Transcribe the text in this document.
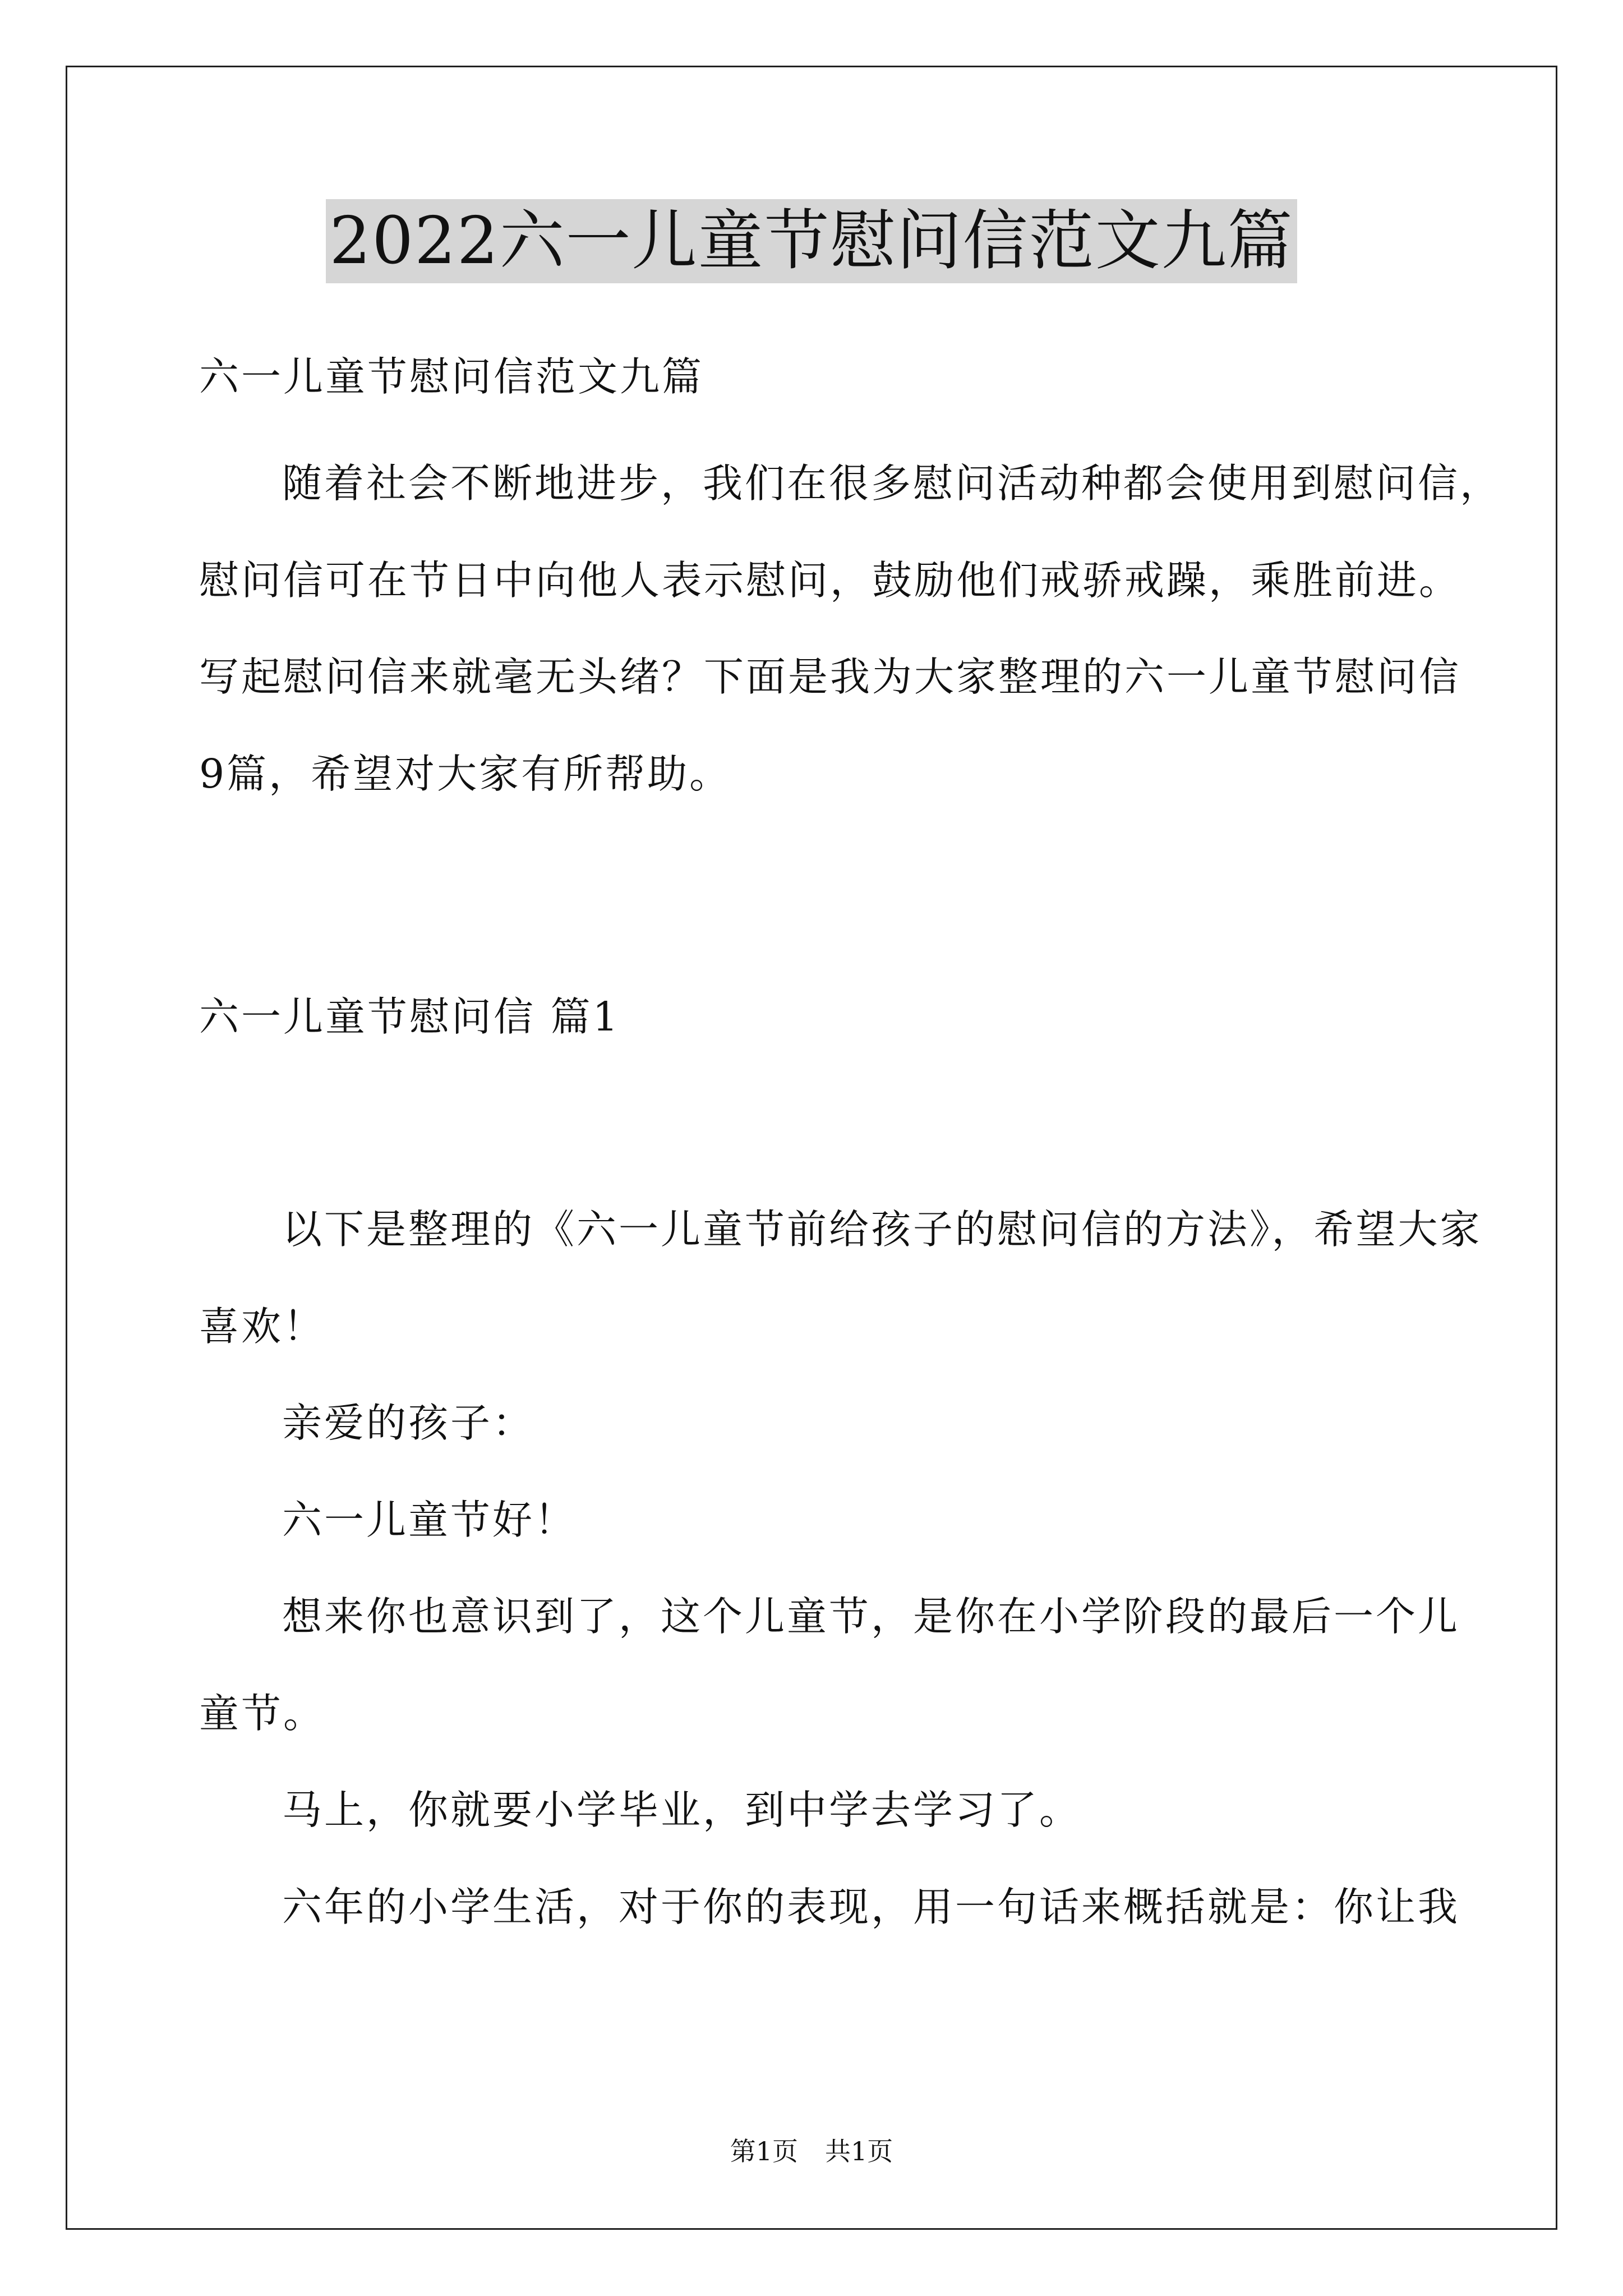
2022六一儿童节慰问信范文九篇
六一儿童节慰问信范文九篇
随着社会不断地进步，我们在很多慰问活动种都会使用到慰问信，
慰问信可在节日中向他人表示慰问，鼓励他们戒骄戒躁，乘胜前进。
写起慰问信来就毫无头绪？下面是我为大家整理的六一儿童节慰问信
9篇，希望对大家有所帮助。
六一儿童节慰问信 篇1
以下是整理的《六一儿童节前给孩子的慰问信的方法》，希望大家
喜欢！
亲爱的孩子：
六一儿童节好！
想来你也意识到了，这个儿童节，是你在小学阶段的最后一个儿
童节。
马上，你就要小学毕业，到中学去学习了。
六年的小学生活，对于你的表现，用一句话来概括就是：你让我
第1页 共1页
